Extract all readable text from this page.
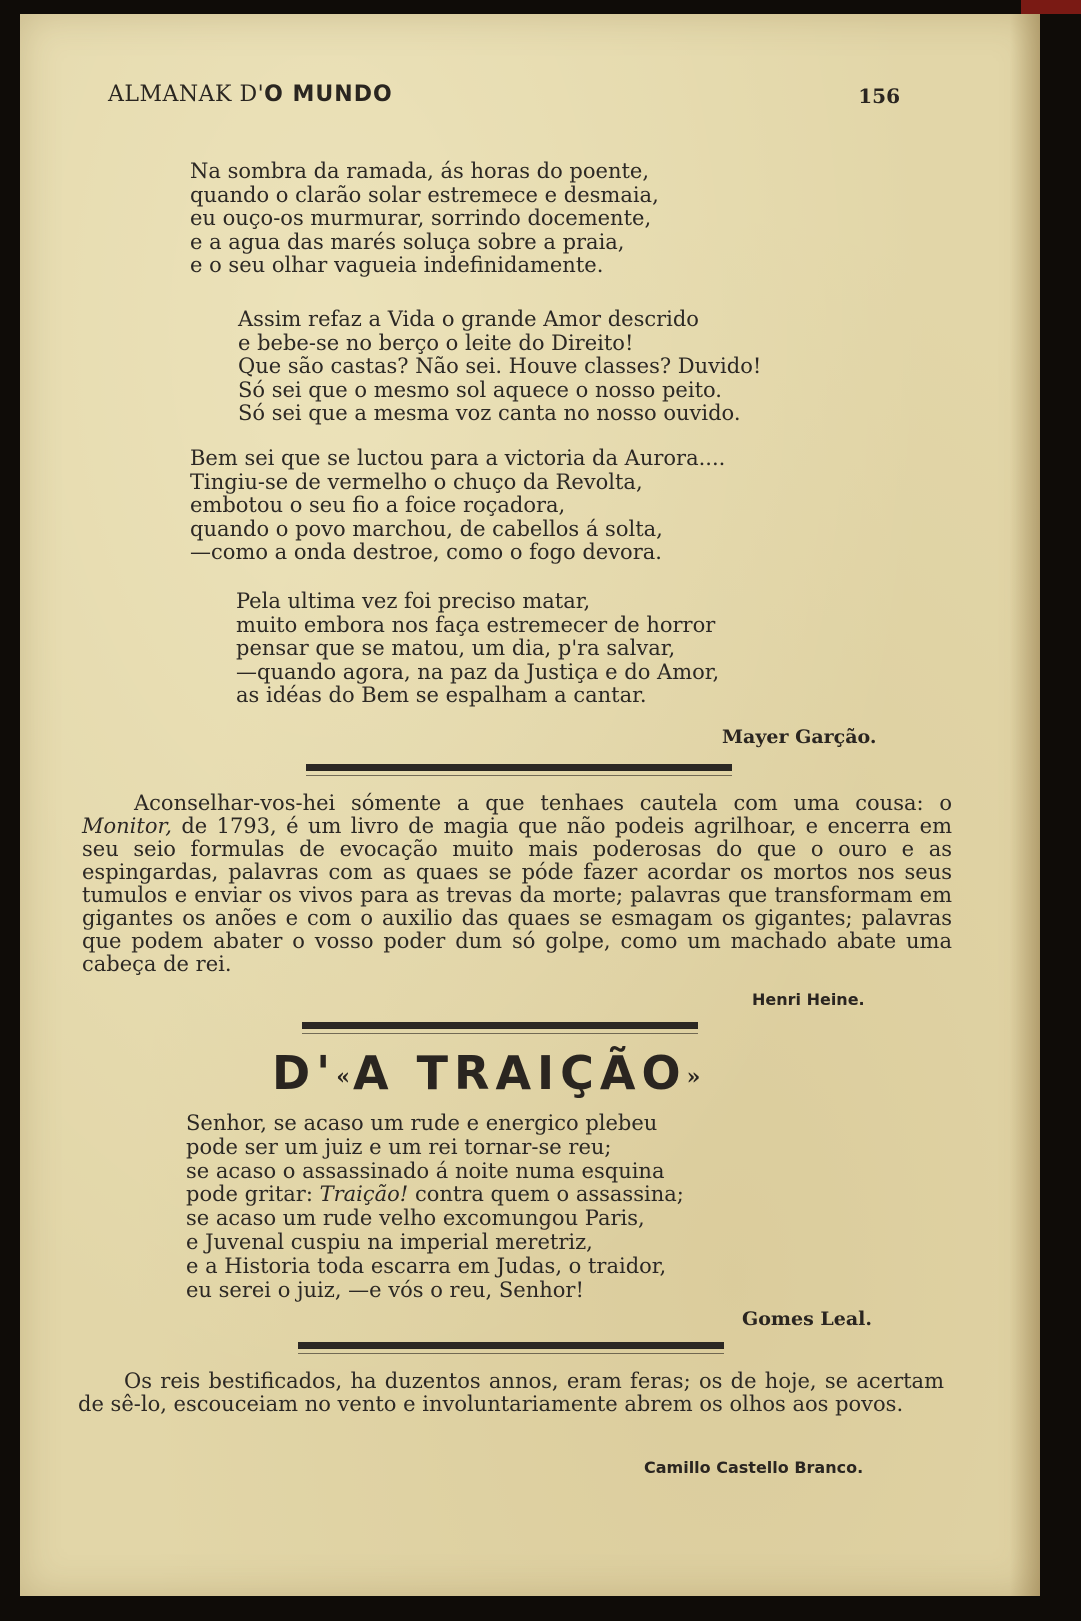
ALMANAK D'O MUNDO	156
Na sombra da ramada, ás horas do poente,
quando o clarão solar estremece e desmaia,
eu ouço-os murmurar, sorrindo docemente,
e a agua das marés soluça sobre a praia,
e o seu olhar vagueia indefinidamente.
Assim refaz a Vida o grande Amor descrido
e bebe-se no berço o leite do Direito!
Que são castas? Não sei. Houve classes? Duvido!
Só sei que o mesmo sol aquece o nosso peito.
Só sei que a mesma voz canta no nosso ouvido.
Bem sei que se luctou para a victoria da Aurora....
Tingiu-se de vermelho o chuço da Revolta,
embotou o seu fio a foice roçadora,
quando o povo marchou, de cabellos á solta,
—como a onda destroe, como o fogo devora.
Pela ultima vez foi preciso matar,
muito embora nos faça estremecer de horror
pensar que se matou, um dia, p'ra salvar,
—quando agora, na paz da Justiça e do Amor,
as idéas do Bem se espalham a cantar.
Mayer Garção.
Aconselhar-vos-hei sómente a que tenhaes cautela com uma cousa: o Monitor, de 1793, é um livro de magia que não podeis agrilhoar, e encerra em seu seio formulas de evocação muito mais poderosas do que o ouro e as espingardas, palavras com as quaes se póde fazer acordar os mortos nos seus tumulos e enviar os vivos para as trevas da morte; palavras que transformam em gigantes os anões e com o auxilio das quaes se esmagam os gigantes; palavras que podem abater o vosso poder dum só golpe, como um machado abate uma cabeça de rei.
Henri Heine.
D'«A TRAIÇÃO»
Senhor, se acaso um rude e energico plebeu
pode ser um juiz e um rei tornar-se reu;
se acaso o assassinado á noite numa esquina
pode gritar: Traição! contra quem o assassina;
se acaso um rude velho excomungou Paris,
e Juvenal cuspiu na imperial meretriz,
e a Historia toda escarra em Judas, o traidor,
eu serei o juiz, —e vós o reu, Senhor!
Gomes Leal.
Os reis bestificados, ha duzentos annos, eram feras; os de hoje, se acertam de sê-lo, escouceiam no vento e involuntariamente abrem os olhos aos povos.
Camillo Castello Branco.
